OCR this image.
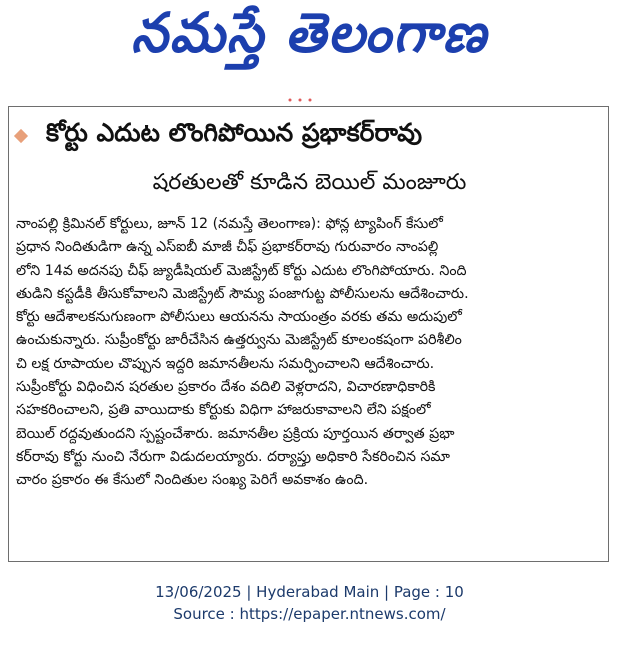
నమస్తే తెలంగాణ
కోర్టు ఎదుట లొంగిపోయిన ప్రభాకర్‌రావు
షరతులతో కూడిన బెయిల్ మంజూరు
నాంపల్లి క్రిమినల్ కోర్టులు, జూన్ 12 (నమస్తే తెలంగాణ): ఫోన్ల ట్యాపింగ్ కేసులో
ప్రధాన నిందితుడిగా ఉన్న ఎస్ఐబీ మాజీ చీఫ్ ప్రభాకర్‌రావు గురువారం నాంపల్లి
లోని 14వ అదనపు చీఫ్ జ్యుడీషియల్ మెజిస్ట్రేట్ కోర్టు ఎదుట లొంగిపోయారు. నింది
తుడిని కస్టడీకి తీసుకోవాలని మెజిస్ట్రేట్ సౌమ్య పంజాగుట్ట పోలీసులను ఆదేశించారు.
కోర్టు ఆదేశాలకనుగుణంగా పోలీసులు ఆయనను సాయంత్రం వరకు తమ అదుపులో
ఉంచుకున్నారు. సుప్రీంకోర్టు జారీచేసిన ఉత్తర్వును మెజిస్ట్రేట్ కూలంకషంగా పరిశీలిం
చి లక్ష రూపాయల చొప్పున ఇద్దరి జమానతీలను సమర్పించాలని ఆదేశించారు.
సుప్రీంకోర్టు విధించిన షరతుల ప్రకారం దేశం వదిలి వెళ్లరాదని, విచారణాధికారికి
సహకరించాలని, ప్రతి వాయిదాకు కోర్టుకు విధిగా హాజరుకావాలని లేని పక్షంలో
బెయిల్ రద్దవుతుందని స్పష్టంచేశారు. జమానతీల ప్రక్రియ పూర్తయిన తర్వాత ప్రభా
కర్‌రావు కోర్టు నుంచి నేరుగా విడుదలయ్యారు. దర్యాప్తు అధికారి సేకరించిన సమా
చారం ప్రకారం ఈ కేసులో నిందితుల సంఖ్య పెరిగే అవకాశం ఉంది.
13/06/2025 | Hyderabad Main | Page : 10
Source : https://epaper.ntnews.com/
